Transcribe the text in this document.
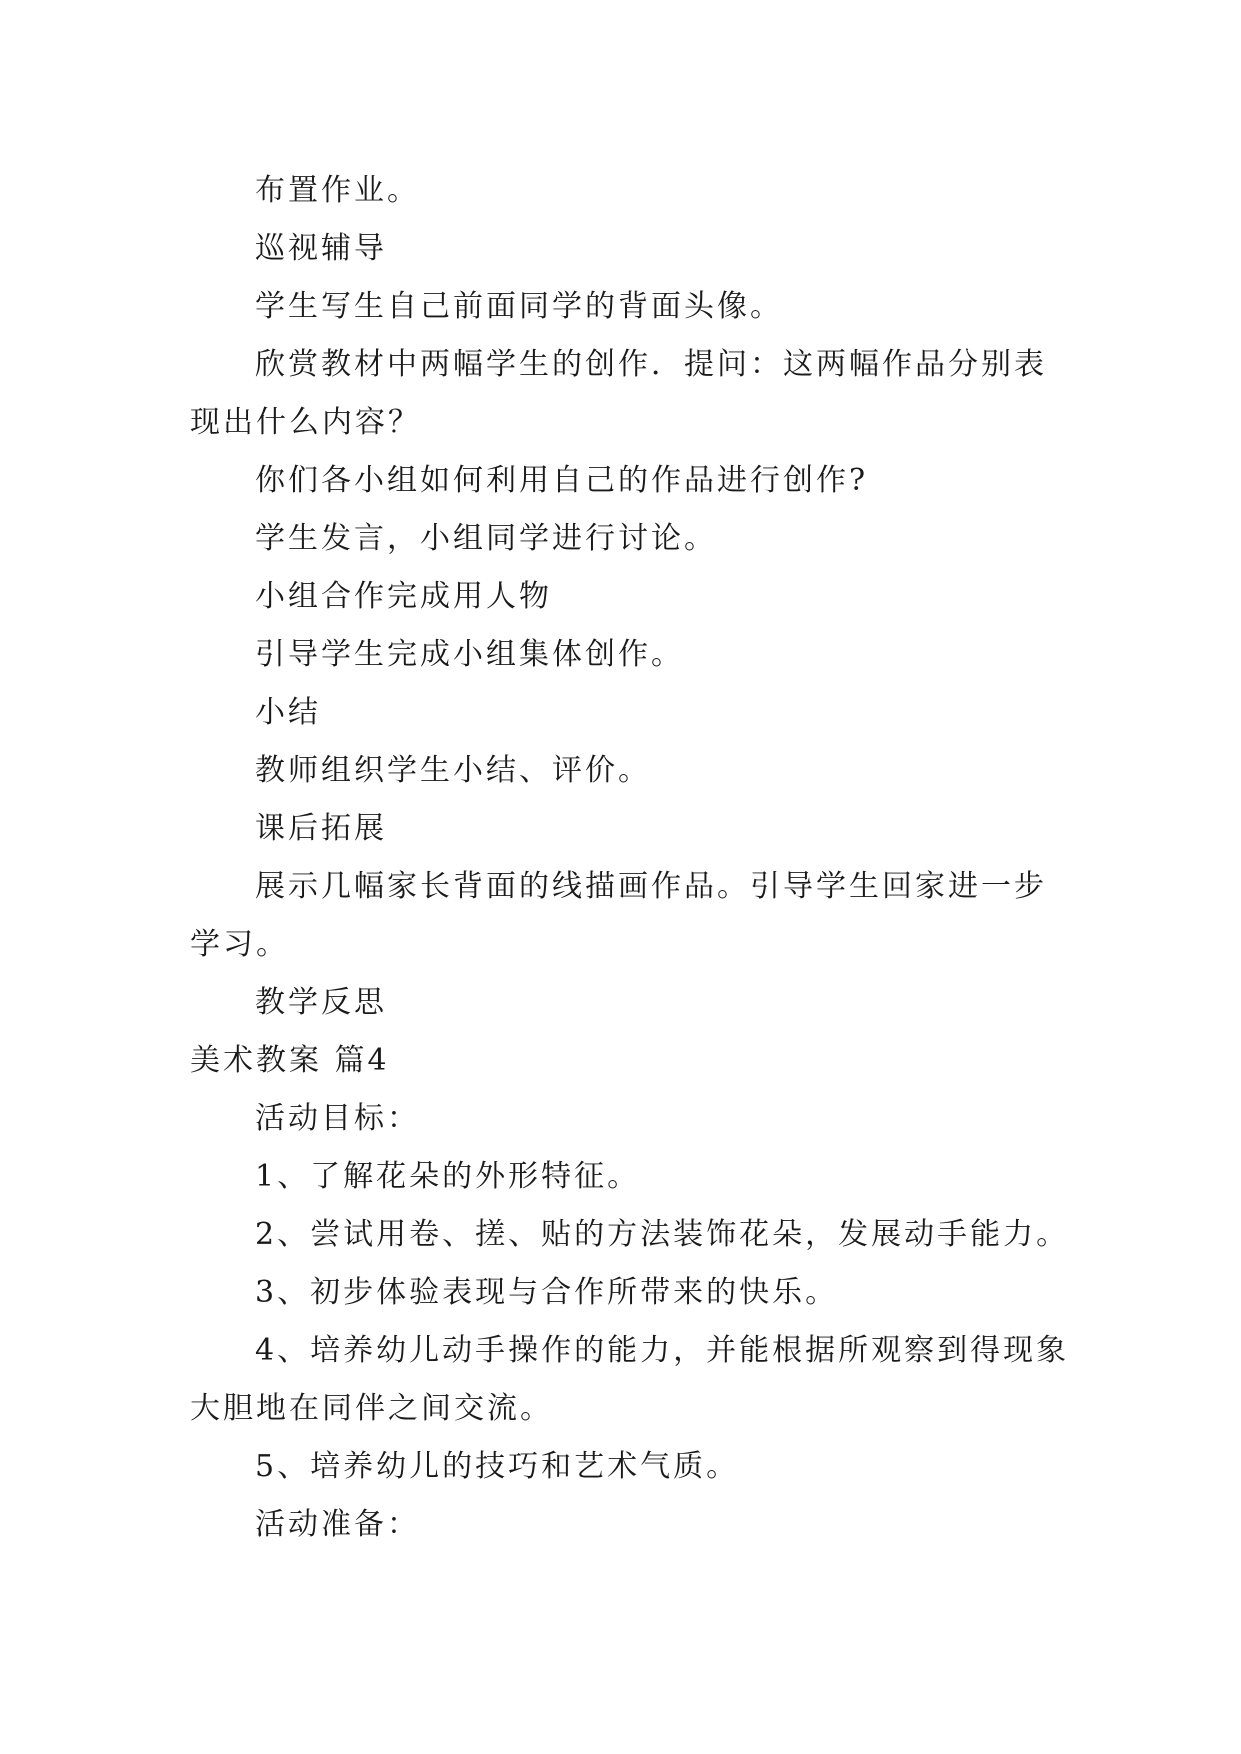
布置作业。

巡视辅导

学生写生自己前面同学的背面头像。

欣赏教材中两幅学生的创作．提问：这两幅作品分别表现出什么内容？

你们各小组如何利用自己的作品进行创作?

学生发言，小组同学进行讨论。

小组合作完成用人物

引导学生完成小组集体创作。

小结

教师组织学生小结、评价。

课后拓展

展示几幅家长背面的线描画作品。引导学生回家进一步学习。

教学反思

美术教案 篇4

活动目标：

1、了解花朵的外形特征。

2、尝试用卷、搓、贴的方法装饰花朵，发展动手能力。

3、初步体验表现与合作所带来的快乐。

4、培养幼儿动手操作的能力，并能根据所观察到得现象大胆地在同伴之间交流。

5、培养幼儿的技巧和艺术气质。

活动准备：
